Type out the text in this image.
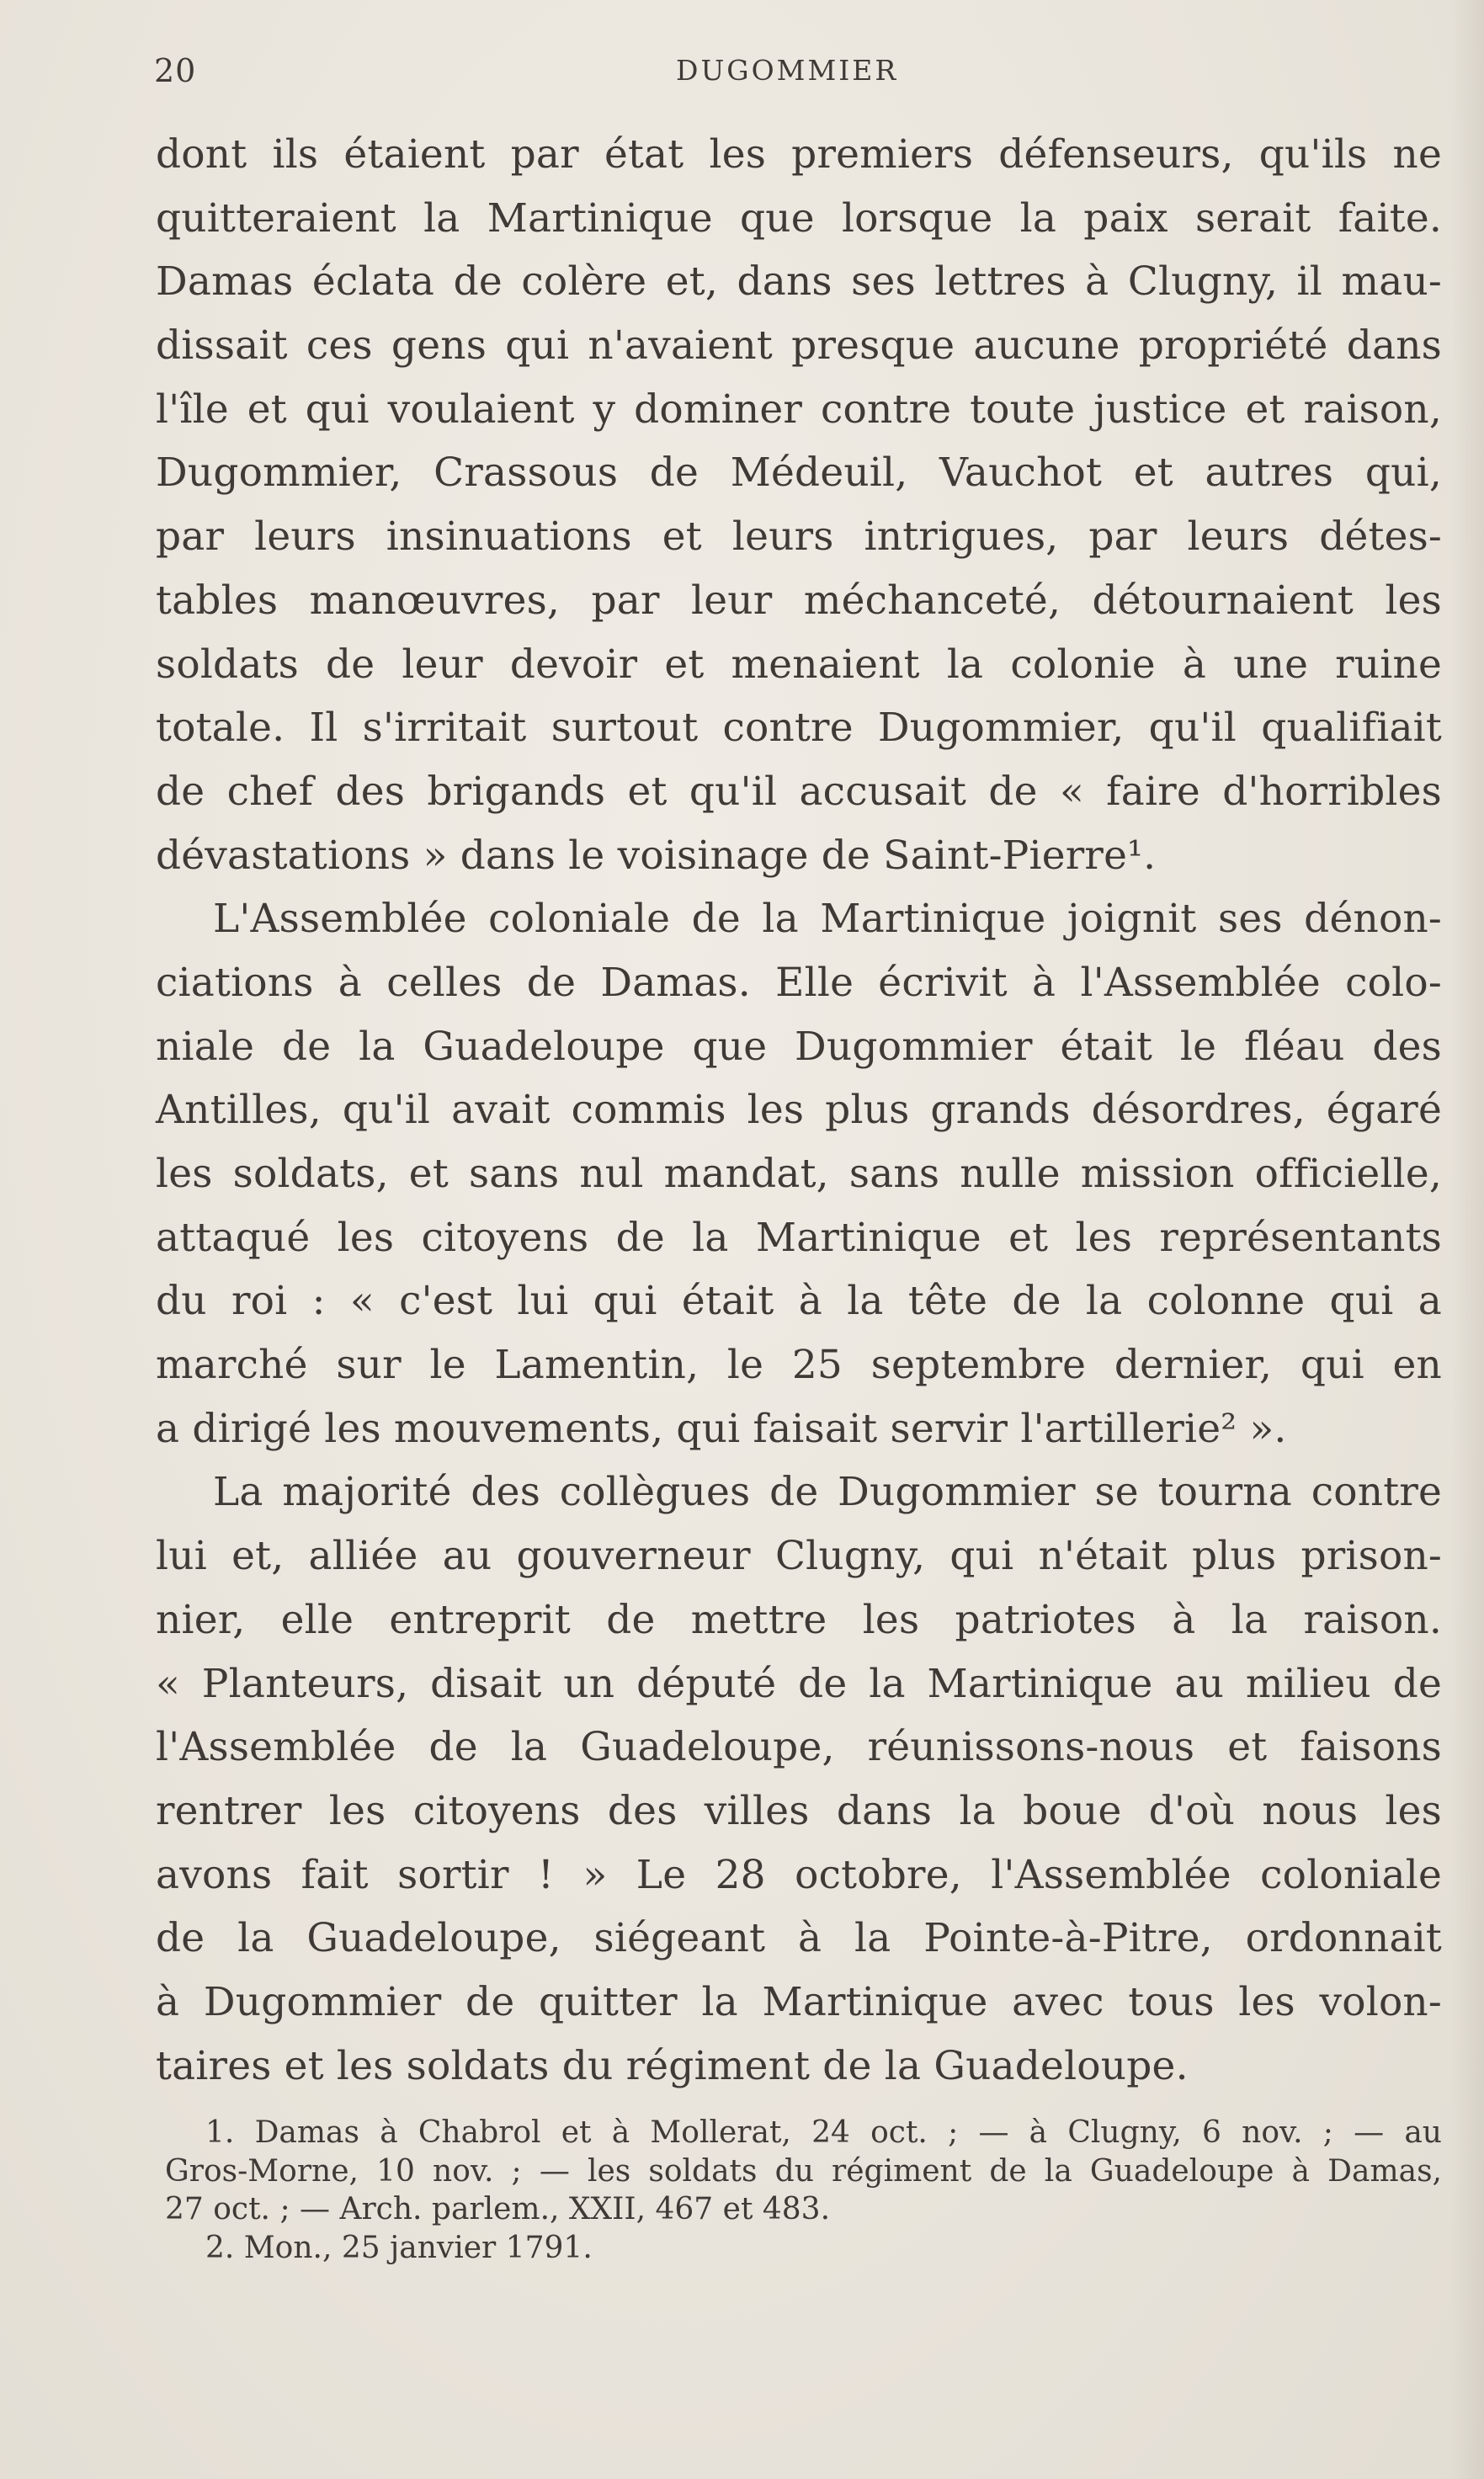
20	DUGOMMIER
dont ils étaient par état les premiers défenseurs, qu'ils ne
quitteraient la Martinique que lorsque la paix serait faite.
Damas éclata de colère et, dans ses lettres à Clugny, il mau-
dissait ces gens qui n'avaient presque aucune propriété dans
l'île et qui voulaient y dominer contre toute justice et raison,
Dugommier, Crassous de Médeuil, Vauchot et autres qui,
par leurs insinuations et leurs intrigues, par leurs détes-
tables manœuvres, par leur méchanceté, détournaient les
soldats de leur devoir et menaient la colonie à une ruine
totale. Il s'irritait surtout contre Dugommier, qu'il qualifiait
de chef des brigands et qu'il accusait de « faire d'horribles
dévastations » dans le voisinage de Saint-Pierre¹.
L'Assemblée coloniale de la Martinique joignit ses dénon-
ciations à celles de Damas. Elle écrivit à l'Assemblée colo-
niale de la Guadeloupe que Dugommier était le fléau des
Antilles, qu'il avait commis les plus grands désordres, égaré
les soldats, et sans nul mandat, sans nulle mission officielle,
attaqué les citoyens de la Martinique et les représentants
du roi : « c'est lui qui était à la tête de la colonne qui a
marché sur le Lamentin, le 25 septembre dernier, qui en
a dirigé les mouvements, qui faisait servir l'artillerie² ».
La majorité des collègues de Dugommier se tourna contre
lui et, alliée au gouverneur Clugny, qui n'était plus prison-
nier, elle entreprit de mettre les patriotes à la raison.
« Planteurs, disait un député de la Martinique au milieu de
l'Assemblée de la Guadeloupe, réunissons-nous et faisons
rentrer les citoyens des villes dans la boue d'où nous les
avons fait sortir ! » Le 28 octobre, l'Assemblée coloniale
de la Guadeloupe, siégeant à la Pointe-à-Pitre, ordonnait
à Dugommier de quitter la Martinique avec tous les volon-
taires et les soldats du régiment de la Guadeloupe.
1. Damas à Chabrol et à Mollerat, 24 oct. ; — à Clugny, 6 nov. ; — au
Gros-Morne, 10 nov. ; — les soldats du régiment de la Guadeloupe à Damas,
27 oct. ; — Arch. parlem., XXII, 467 et 483.
2. Mon., 25 janvier 1791.
